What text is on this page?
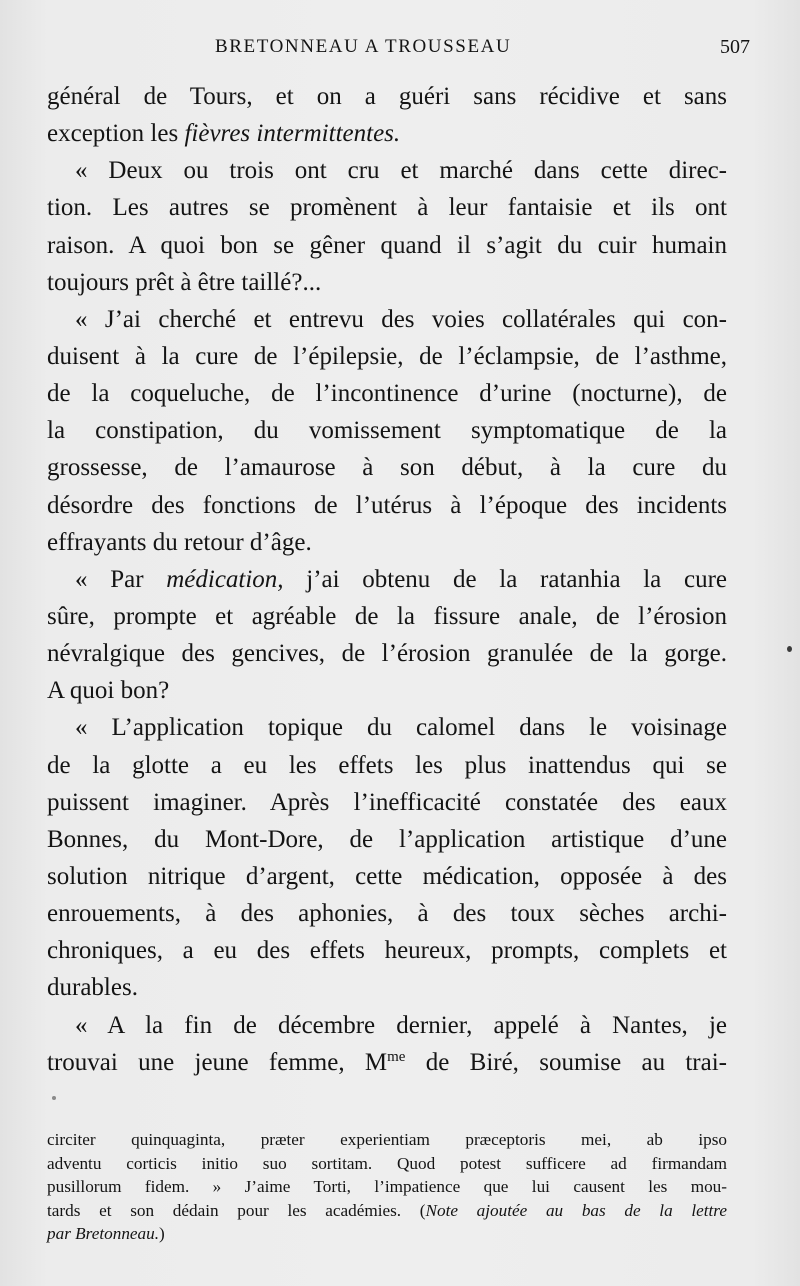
BRETONNEAU A TROUSSEAU	507
général de Tours, et on a guéri sans récidive et sans
exception les fièvres intermittentes.
« Deux ou trois ont cru et marché dans cette direc-
tion. Les autres se promènent à leur fantaisie et ils ont
raison. A quoi bon se gêner quand il s’agit du cuir humain
toujours prêt à être taillé?...
« J’ai cherché et entrevu des voies collatérales qui con-
duisent à la cure de l’épilepsie, de l’éclampsie, de l’asthme,
de la coqueluche, de l’incontinence d’urine (nocturne), de
la constipation, du vomissement symptomatique de la
grossesse, de l’amaurose à son début, à la cure du
désordre des fonctions de l’utérus à l’époque des incidents
effrayants du retour d’âge.
« Par médication, j’ai obtenu de la ratanhia la cure
sûre, prompte et agréable de la fissure anale, de l’érosion
névralgique des gencives, de l’érosion granulée de la gorge.
A quoi bon?
« L’application topique du calomel dans le voisinage
de la glotte a eu les effets les plus inattendus qui se
puissent imaginer. Après l’inefficacité constatée des eaux
Bonnes, du Mont-Dore, de l’application artistique d’une
solution nitrique d’argent, cette médication, opposée à des
enrouements, à des aphonies, à des toux sèches archi-
chroniques, a eu des effets heureux, prompts, complets et
durables.
« A la fin de décembre dernier, appelé à Nantes, je
trouvai une jeune femme, $M^{me}$ de Biré, soumise au trai-
circiter quinquaginta, præter experientiam præceptoris mei, ab ipso
adventu corticis initio suo sortitam. Quod potest sufficere ad firmandam
pusillorum fidem. » J’aime Torti, l’impatience que lui causent les mou-
tards et son dédain pour les académies. (Note ajoutée au bas de la lettre
par Bretonneau.)
